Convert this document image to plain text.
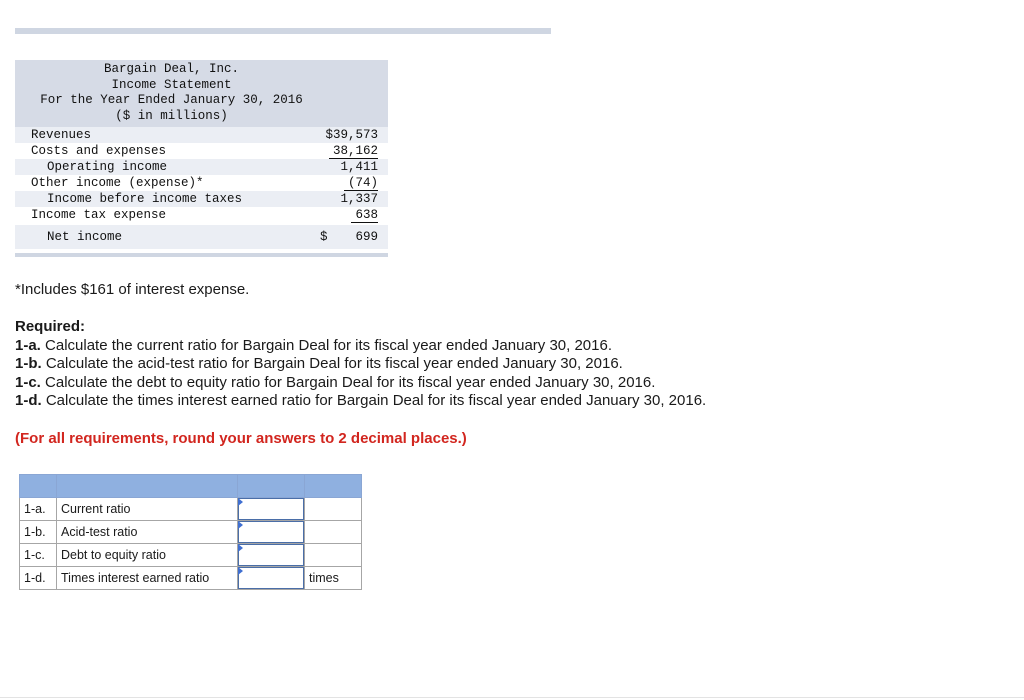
Bargain Deal, Inc.
Income Statement
For the Year Ended January 30, 2016
($ in millions)
Revenues	$39,573
Costs and expenses	38,162
Operating income	1,411
Other income (expense)*	(74)
Income before income taxes	1,337
Income tax expense	638
Net income	$ 699
*Includes $161 of interest expense.
Required:
1-a. Calculate the current ratio for Bargain Deal for its fiscal year ended January 30, 2016.
1-b. Calculate the acid-test ratio for Bargain Deal for its fiscal year ended January 30, 2016.
1-c. Calculate the debt to equity ratio for Bargain Deal for its fiscal year ended January 30, 2016.
1-d. Calculate the times interest earned ratio for Bargain Deal for its fiscal year ended January 30, 2016.
(For all requirements, round your answers to 2 decimal places.)

1-a.	Current ratio	

1-b.	Acid-test ratio	

1-c.	Debt to equity ratio	

1-d.	Times interest earned ratio		times
